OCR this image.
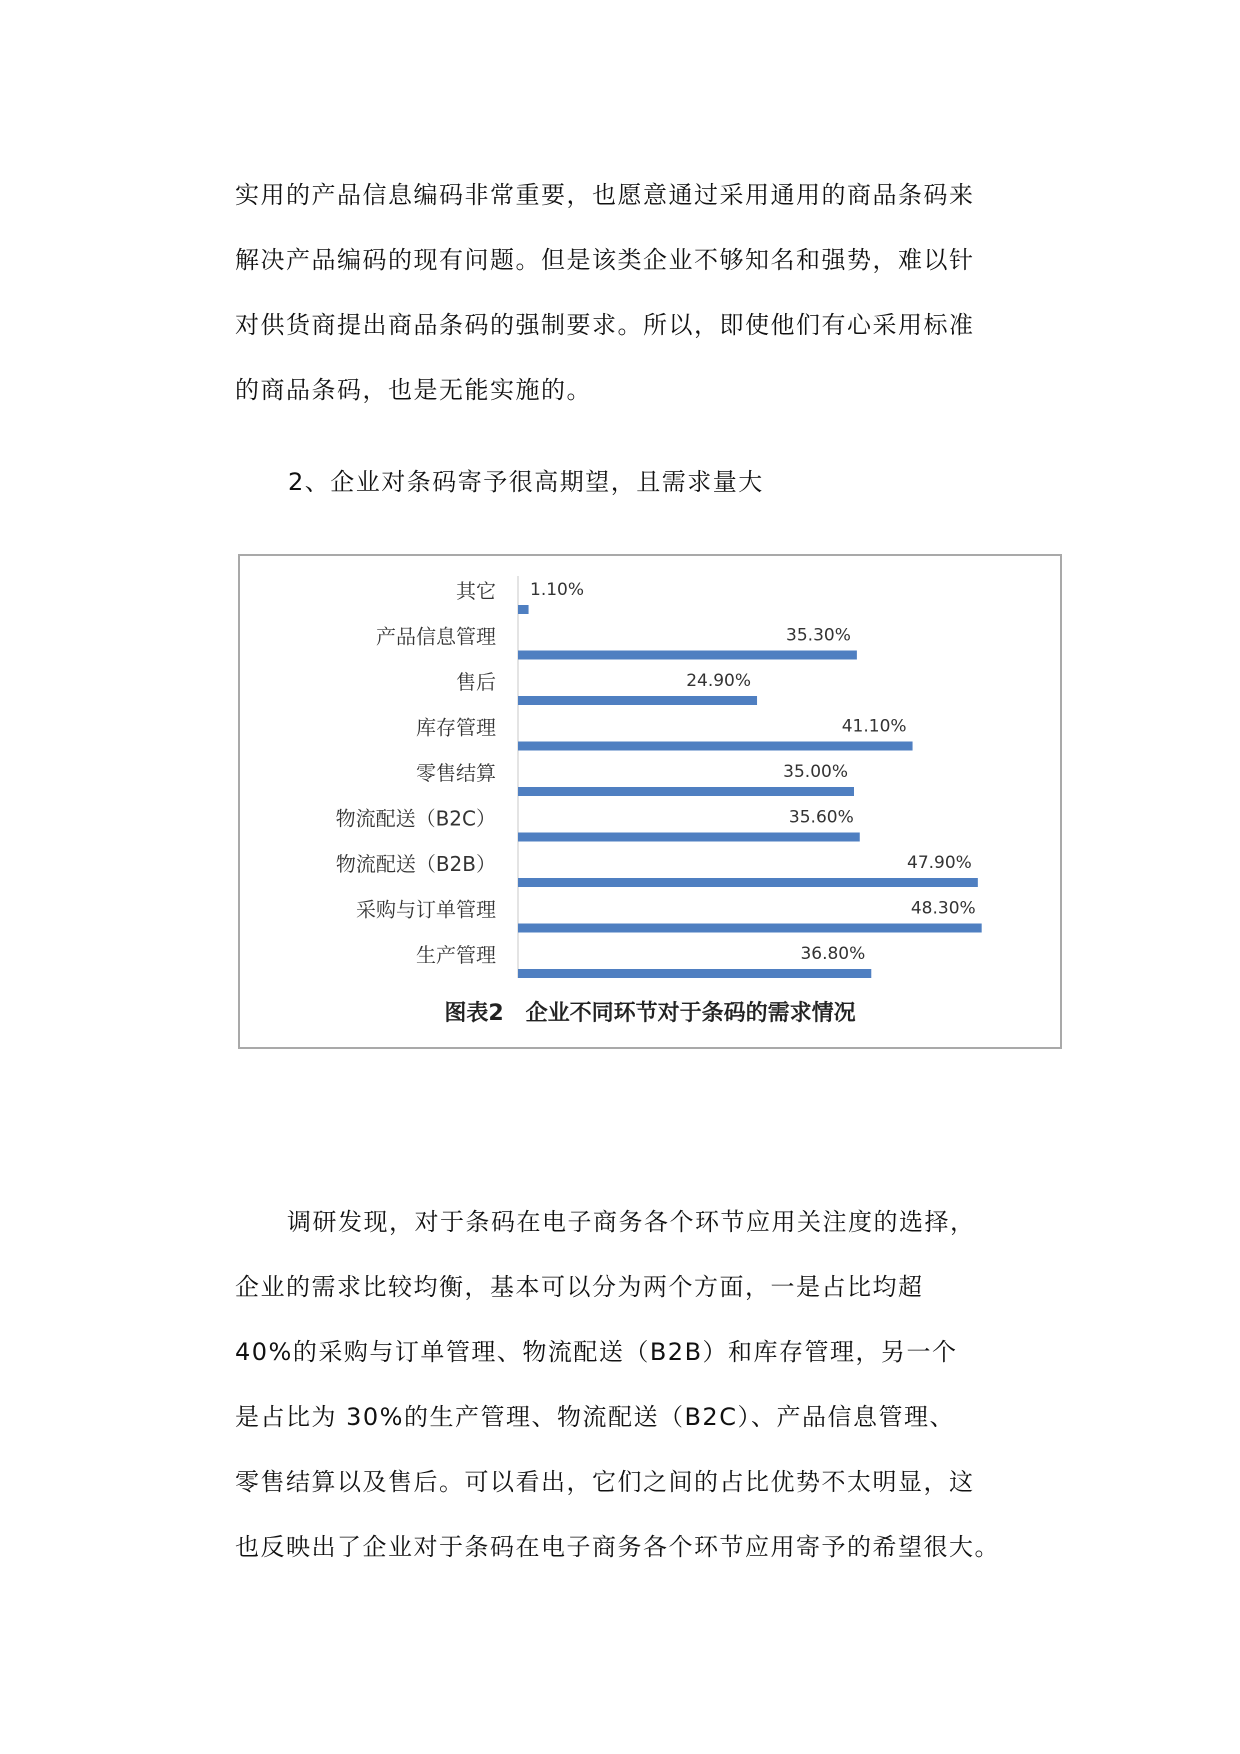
实用的产品信息编码非常重要，也愿意通过采用通用的商品条码来
解决产品编码的现有问题。但是该类企业不够知名和强势，难以针
对供货商提出商品条码的强制要求。所以，即使他们有心采用标准
的商品条码，也是无能实施的。
2、企业对条码寄予很高期望，且需求量大
其它 1.10%
产品信息管理	35.30%
售后	24.90%
库存管理	41.10%
零售结算	35.00%
物流配送（B2C）	35.60%
物流配送（B2B）	47.90%
采购与订单管理	48.30%
生产管理	36.80%
图表2　企业不同环节对于条码的需求情况
调研发现，对于条码在电子商务各个环节应用关注度的选择，
企业的需求比较均衡，基本可以分为两个方面，一是占比均超
40%的采购与订单管理、物流配送（B2B）和库存管理，另一个
是占比为 30%的生产管理、物流配送（B2C）、产品信息管理、
零售结算以及售后。可以看出，它们之间的占比优势不太明显，这
也反映出了企业对于条码在电子商务各个环节应用寄予的希望很大。
